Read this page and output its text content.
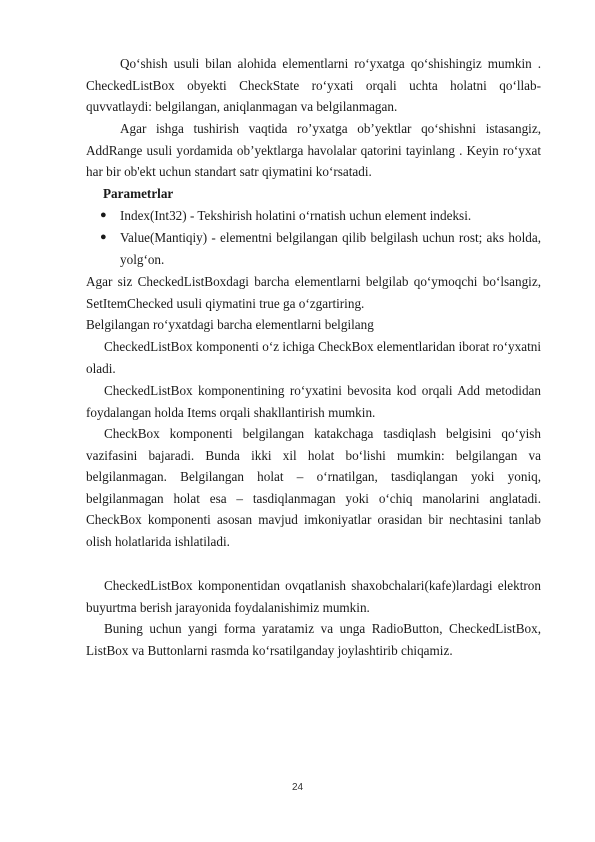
Qo‘shish usuli bilan alohida elementlarni ro‘yxatga qo‘shishingiz mumkin . CheckedListBox obyekti CheckState ro‘yxati orqali uchta holatni qo‘llab-quvvatlaydi: belgilangan, aniqlanmagan va belgilanmagan.

Agar ishga tushirish vaqtida ro’yxatga ob’yektlar qo‘shishni istasangiz, AddRange usuli yordamida ob’yektlarga havolalar qatorini tayinlang . Keyin ro‘yxat har bir ob'ekt uchun standart satr qiymatini ko‘rsatadi.

Parametrlar

● Index(Int32) - Tekshirish holatini o‘rnatish uchun element indeksi.
● Value(Mantiqiy) - elementni belgilangan qilib belgilash uchun rost; aks holda, yolg‘on.

Agar siz CheckedListBoxdagi barcha elementlarni belgilab qo‘ymoqchi bo‘lsangiz, SetItemChecked usuli qiymatini true ga o‘zgartiring.

Belgilangan ro‘yxatdagi barcha elementlarni belgilang

CheckedListBox komponenti o‘z ichiga CheckBox elementlaridan iborat ro‘yxatni oladi.

CheckedListBox komponentining ro‘yxatini bevosita kod orqali Add metodidan foydalangan holda Items orqali shakllantirish mumkin.

CheckBox komponenti belgilangan katakchaga tasdiqlash belgisini qo‘yish vazifasini bajaradi. Bunda ikki xil holat bo‘lishi mumkin: belgilangan va belgilanmagan. Belgilangan holat – o‘rnatilgan, tasdiqlangan yoki yoniq, belgilanmagan holat esa – tasdiqlanmagan yoki o‘chiq manolarini anglatadi. CheckBox komponenti asosan mavjud imkoniyatlar orasidan bir nechtasini tanlab olish holatlarida ishlatiladi.

CheckedListBox komponentidan ovqatlanish shaxobchalari(kafe)lardagi elektron buyurtma berish jarayonida foydalanishimiz mumkin.

Buning uchun yangi forma yaratamiz va unga RadioButton, CheckedListBox, ListBox va Buttonlarni rasmda ko‘rsatilganday joylashtirib chiqamiz.

24
